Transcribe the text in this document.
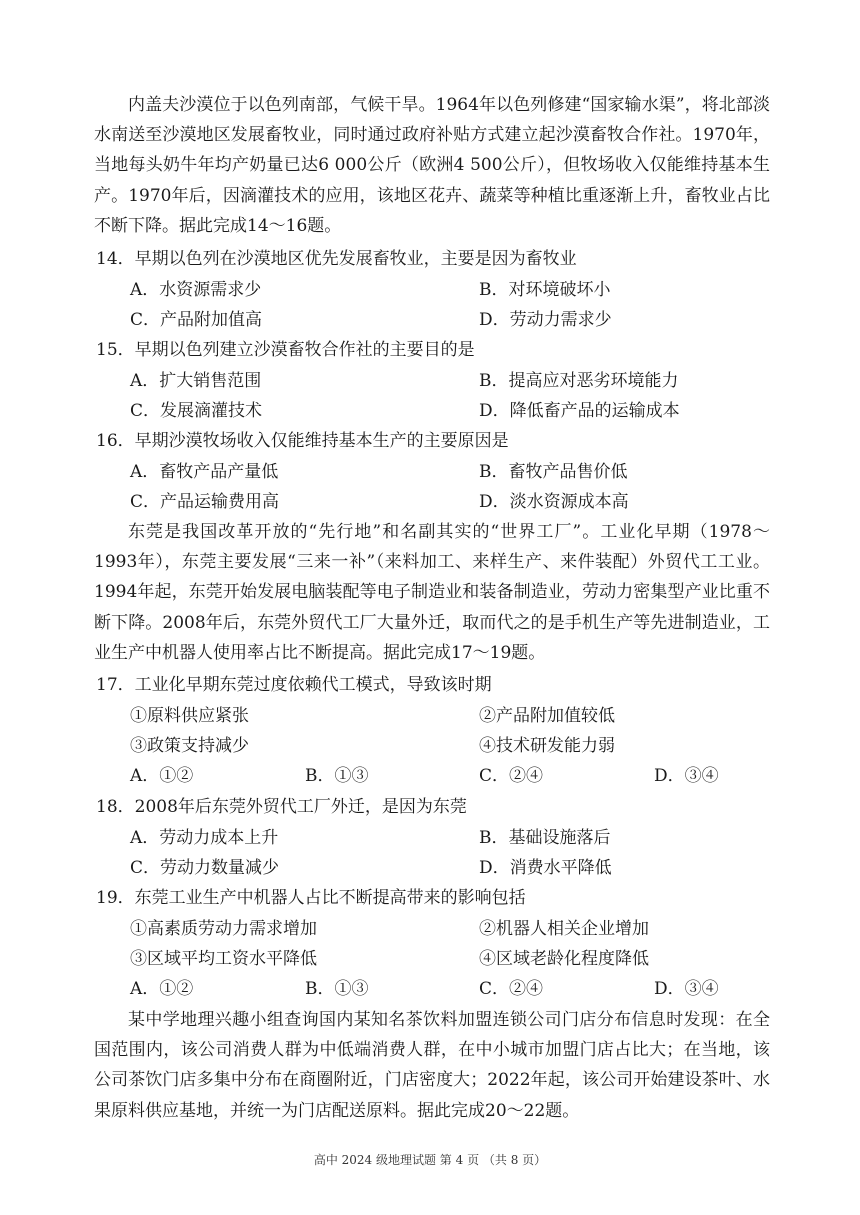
内盖夫沙漠位于以色列南部，气候干旱。1964年以色列修建“国家输水渠”，将北部淡水南送至沙漠地区发展畜牧业，同时通过政府补贴方式建立起沙漠畜牧合作社。1970年，当地每头奶牛年均产奶量已达6 000公斤（欧洲4 500公斤），但牧场收入仅能维持基本生产。1970年后，因滴灌技术的应用，该地区花卉、蔬菜等种植比重逐渐上升，畜牧业占比不断下降。据此完成14～16题。

14．早期以色列在沙漠地区优先发展畜牧业，主要是因为畜牧业
A．水资源需求少	B．对环境破坏小
C．产品附加值高	D．劳动力需求少
15．早期以色列建立沙漠畜牧合作社的主要目的是
A．扩大销售范围	B．提高应对恶劣环境能力
C．发展滴灌技术	D．降低畜产品的运输成本
16．早期沙漠牧场收入仅能维持基本生产的主要原因是
A．畜牧产品产量低	B．畜牧产品售价低
C．产品运输费用高	D．淡水资源成本高

东莞是我国改革开放的“先行地”和名副其实的“世界工厂”。工业化早期（1978～1993年），东莞主要发展“三来一补”（来料加工、来样生产、来件装配）外贸代工工业。1994年起，东莞开始发展电脑装配等电子制造业和装备制造业，劳动力密集型产业比重不断下降。2008年后，东莞外贸代工厂大量外迁，取而代之的是手机生产等先进制造业，工业生产中机器人使用率占比不断提高。据此完成17～19题。

17．工业化早期东莞过度依赖代工模式，导致该时期
①原料供应紧张	②产品附加值较低
③政策支持减少	④技术研发能力弱
A．①②	B．①③	C．②④	D．③④
18．2008年后东莞外贸代工厂外迁，是因为东莞
A．劳动力成本上升	B．基础设施落后
C．劳动力数量减少	D．消费水平降低
19．东莞工业生产中机器人占比不断提高带来的影响包括
①高素质劳动力需求增加	②机器人相关企业增加
③区域平均工资水平降低	④区域老龄化程度降低
A．①②	B．①③	C．②④	D．③④

某中学地理兴趣小组查询国内某知名茶饮料加盟连锁公司门店分布信息时发现：在全国范围内，该公司消费人群为中低端消费人群，在中小城市加盟门店占比大；在当地，该公司茶饮门店多集中分布在商圈附近，门店密度大；2022年起，该公司开始建设茶叶、水果原料供应基地，并统一为门店配送原料。据此完成20～22题。

高中 2024 级地理试题 第 4 页 （共 8 页）
